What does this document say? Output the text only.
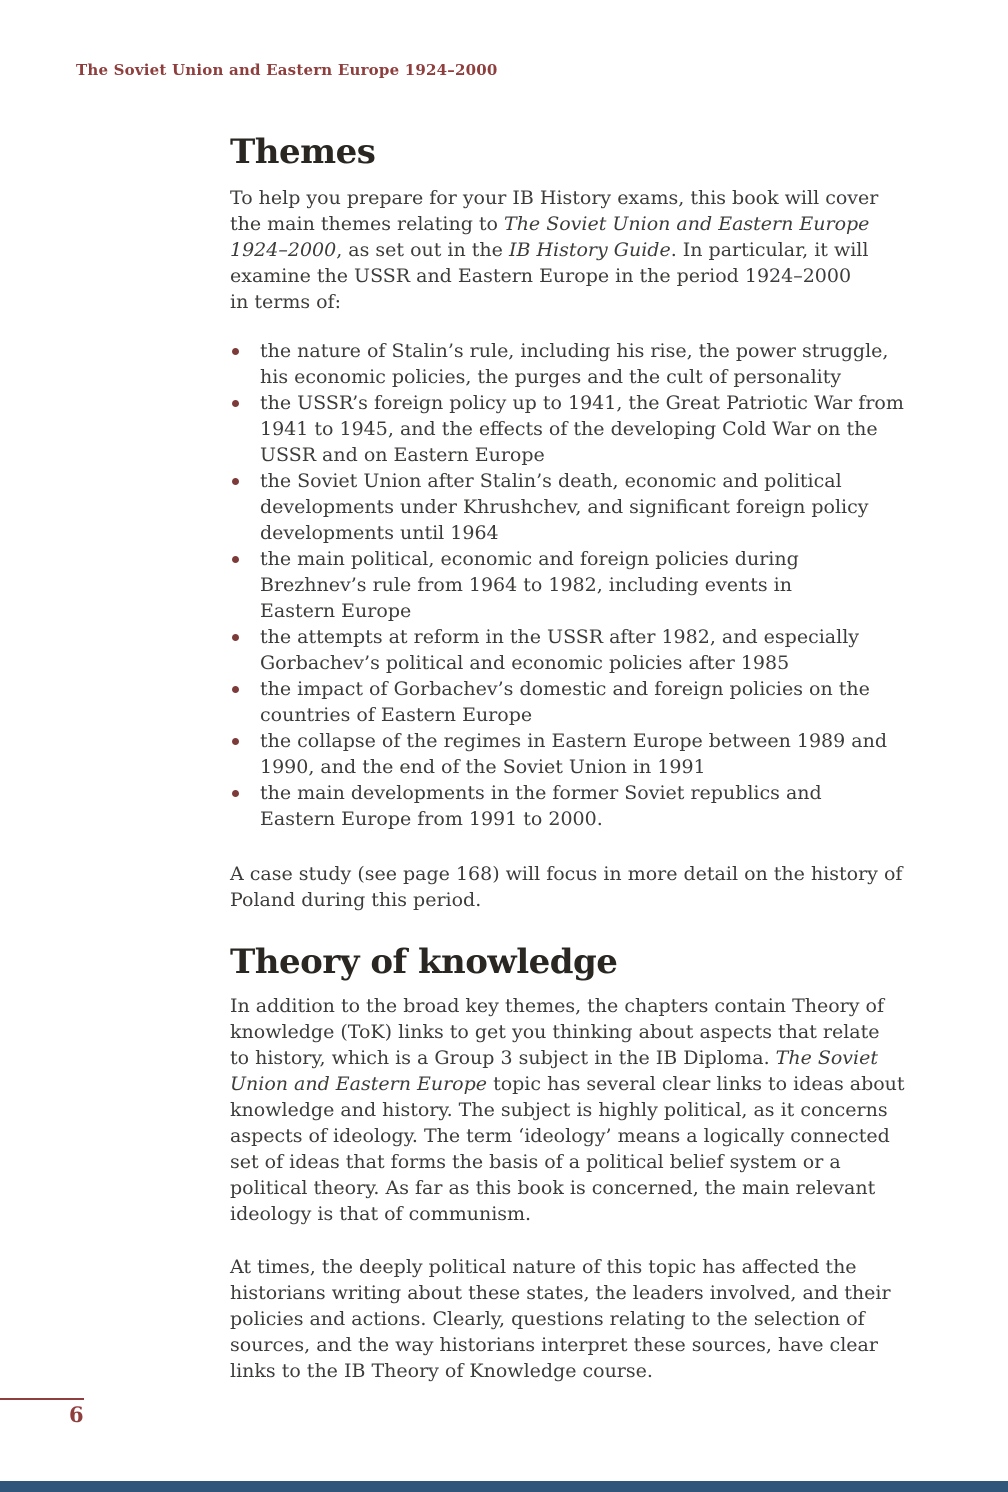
The Soviet Union and Eastern Europe 1924–2000
Themes

To help you prepare for your IB History exams, this book will cover
the main themes relating to The Soviet Union and Eastern Europe
1924–2000, as set out in the IB History Guide. In particular, it will
examine the USSR and Eastern Europe in the period 1924–2000
in terms of:

the nature of Stalin’s rule, including his rise, the power struggle,
his economic policies, the purges and the cult of personality
the USSR’s foreign policy up to 1941, the Great Patriotic War from
1941 to 1945, and the effects of the developing Cold War on the
USSR and on Eastern Europe
the Soviet Union after Stalin’s death, economic and political
developments under Khrushchev, and significant foreign policy
developments until 1964
the main political, economic and foreign policies during
Brezhnev’s rule from 1964 to 1982, including events in
Eastern Europe
the attempts at reform in the USSR after 1982, and especially
Gorbachev’s political and economic policies after 1985
the impact of Gorbachev’s domestic and foreign policies on the
countries of Eastern Europe
the collapse of the regimes in Eastern Europe between 1989 and
1990, and the end of the Soviet Union in 1991
the main developments in the former Soviet republics and
Eastern Europe from 1991 to 2000.

A case study (see page 168) will focus in more detail on the history of
Poland during this period.

Theory of knowledge

In addition to the broad key themes, the chapters contain Theory of
knowledge (ToK) links to get you thinking about aspects that relate
to history, which is a Group 3 subject in the IB Diploma. The Soviet
Union and Eastern Europe topic has several clear links to ideas about
knowledge and history. The subject is highly political, as it concerns
aspects of ideology. The term ‘ideology’ means a logically connected
set of ideas that forms the basis of a political belief system or a
political theory. As far as this book is concerned, the main relevant
ideology is that of communism.

At times, the deeply political nature of this topic has affected the
historians writing about these states, the leaders involved, and their
policies and actions. Clearly, questions relating to the selection of
sources, and the way historians interpret these sources, have clear
links to the IB Theory of Knowledge course.

6
